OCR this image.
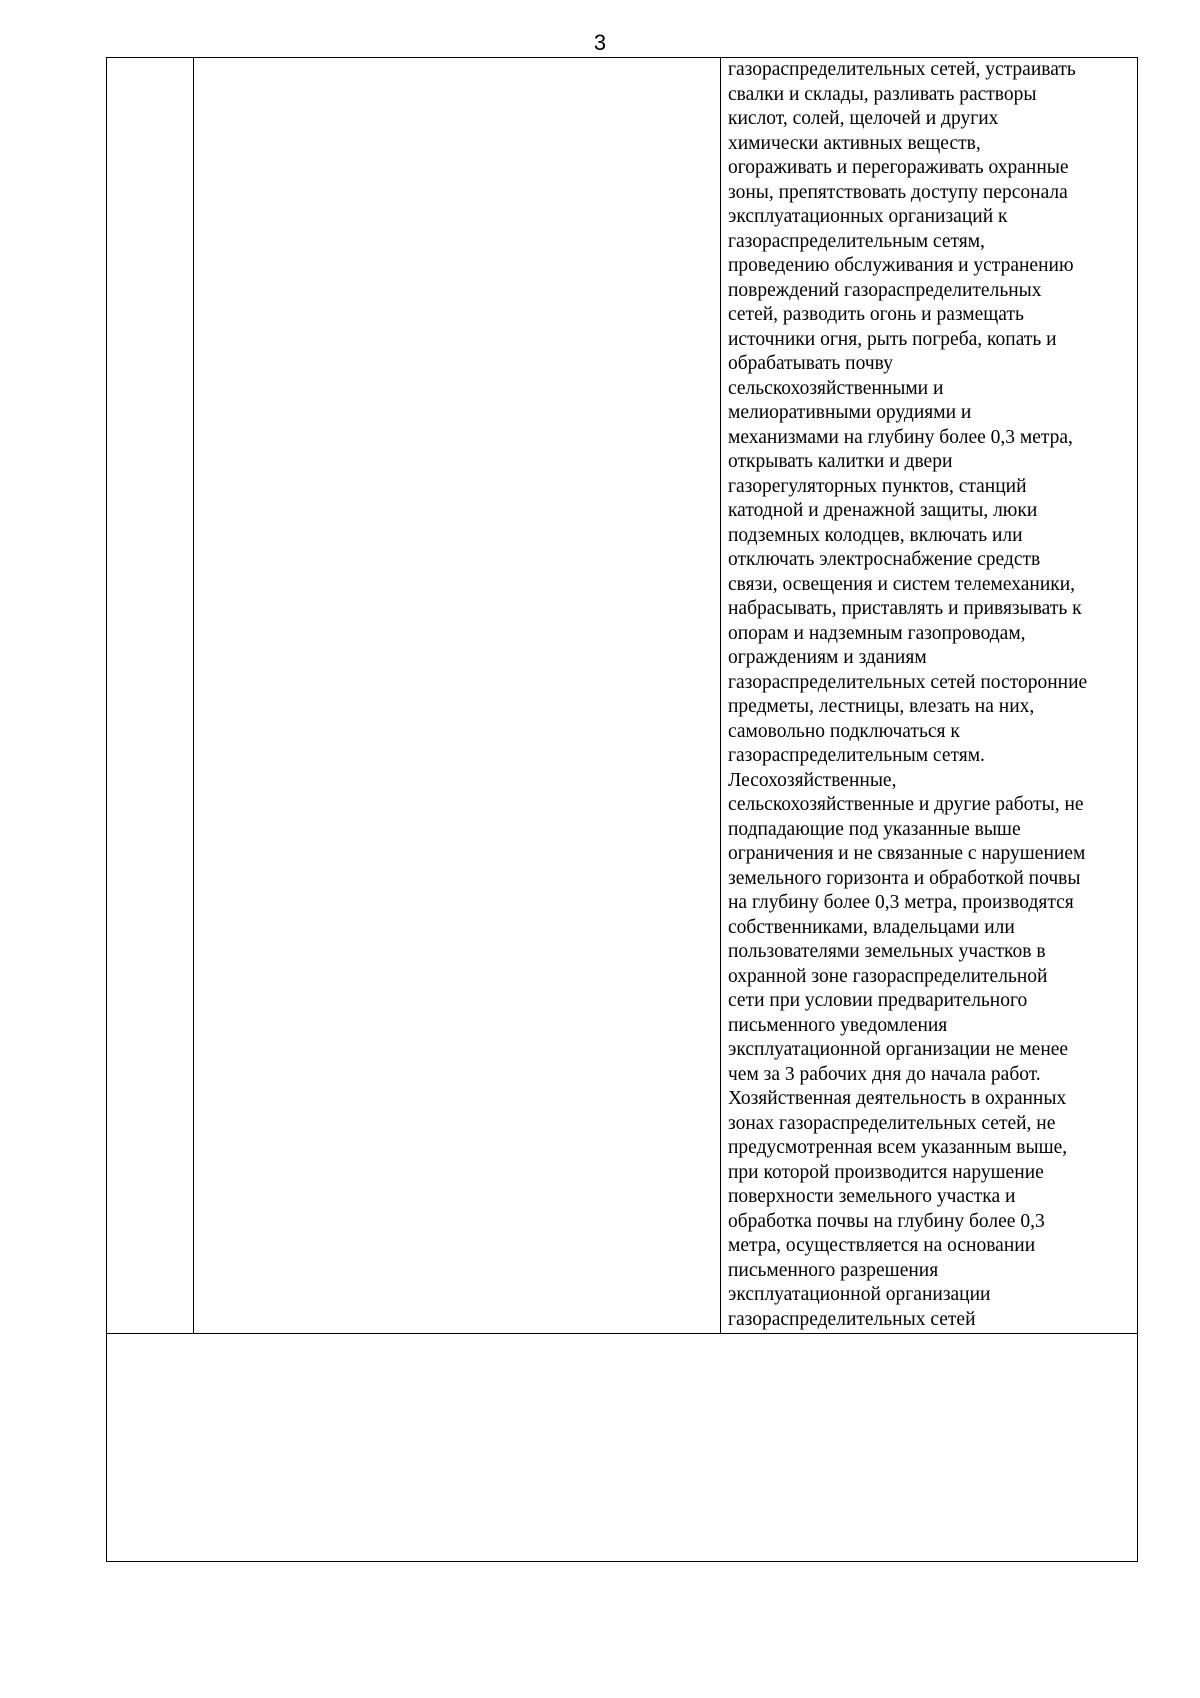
3

газораспределительных сетей, устраивать

свалки и склады, разливать растворы

кислот, солей, щелочей и других

химически активных веществ,

огораживать и перегораживать охранные

зоны, препятствовать доступу персонала

эксплуатационных организаций к

газораспределительным сетям,

проведению обслуживания и устранению

повреждений газораспределительных

сетей, разводить огонь и размещать

источники огня, рыть погреба, копать и

обрабатывать почву

сельскохозяйственными и

мелиоративными орудиями и

механизмами на глубину более 0,3 метра,

открывать калитки и двери

газорегуляторных пунктов, станций

катодной и дренажной защиты, люки

подземных колодцев, включать или

отключать электроснабжение средств

связи, освещения и систем телемеханики,

набрасывать, приставлять и привязывать к

опорам и надземным газопроводам,

ограждениям и зданиям

газораспределительных сетей посторонние

предметы, лестницы, влезать на них,

самовольно подключаться к

газораспределительным сетям.

Лесохозяйственные,

сельскохозяйственные и другие работы, не

подпадающие под указанные выше

ограничения и не связанные с нарушением

земельного горизонта и обработкой почвы

на глубину более 0,3 метра, производятся

собственниками, владельцами или

пользователями земельных участков в

охранной зоне газораспределительной

сети при условии предварительного

письменного уведомления

эксплуатационной организации не менее

чем за 3 рабочих дня до начала работ.

Хозяйственная деятельность в охранных

зонах газораспределительных сетей, не

предусмотренная всем указанным выше,

при которой производится нарушение

поверхности земельного участка и

обработка почвы на глубину более 0,3

метра, осуществляется на основании

письменного разрешения

эксплуатационной организации

газораспределительных сетей
